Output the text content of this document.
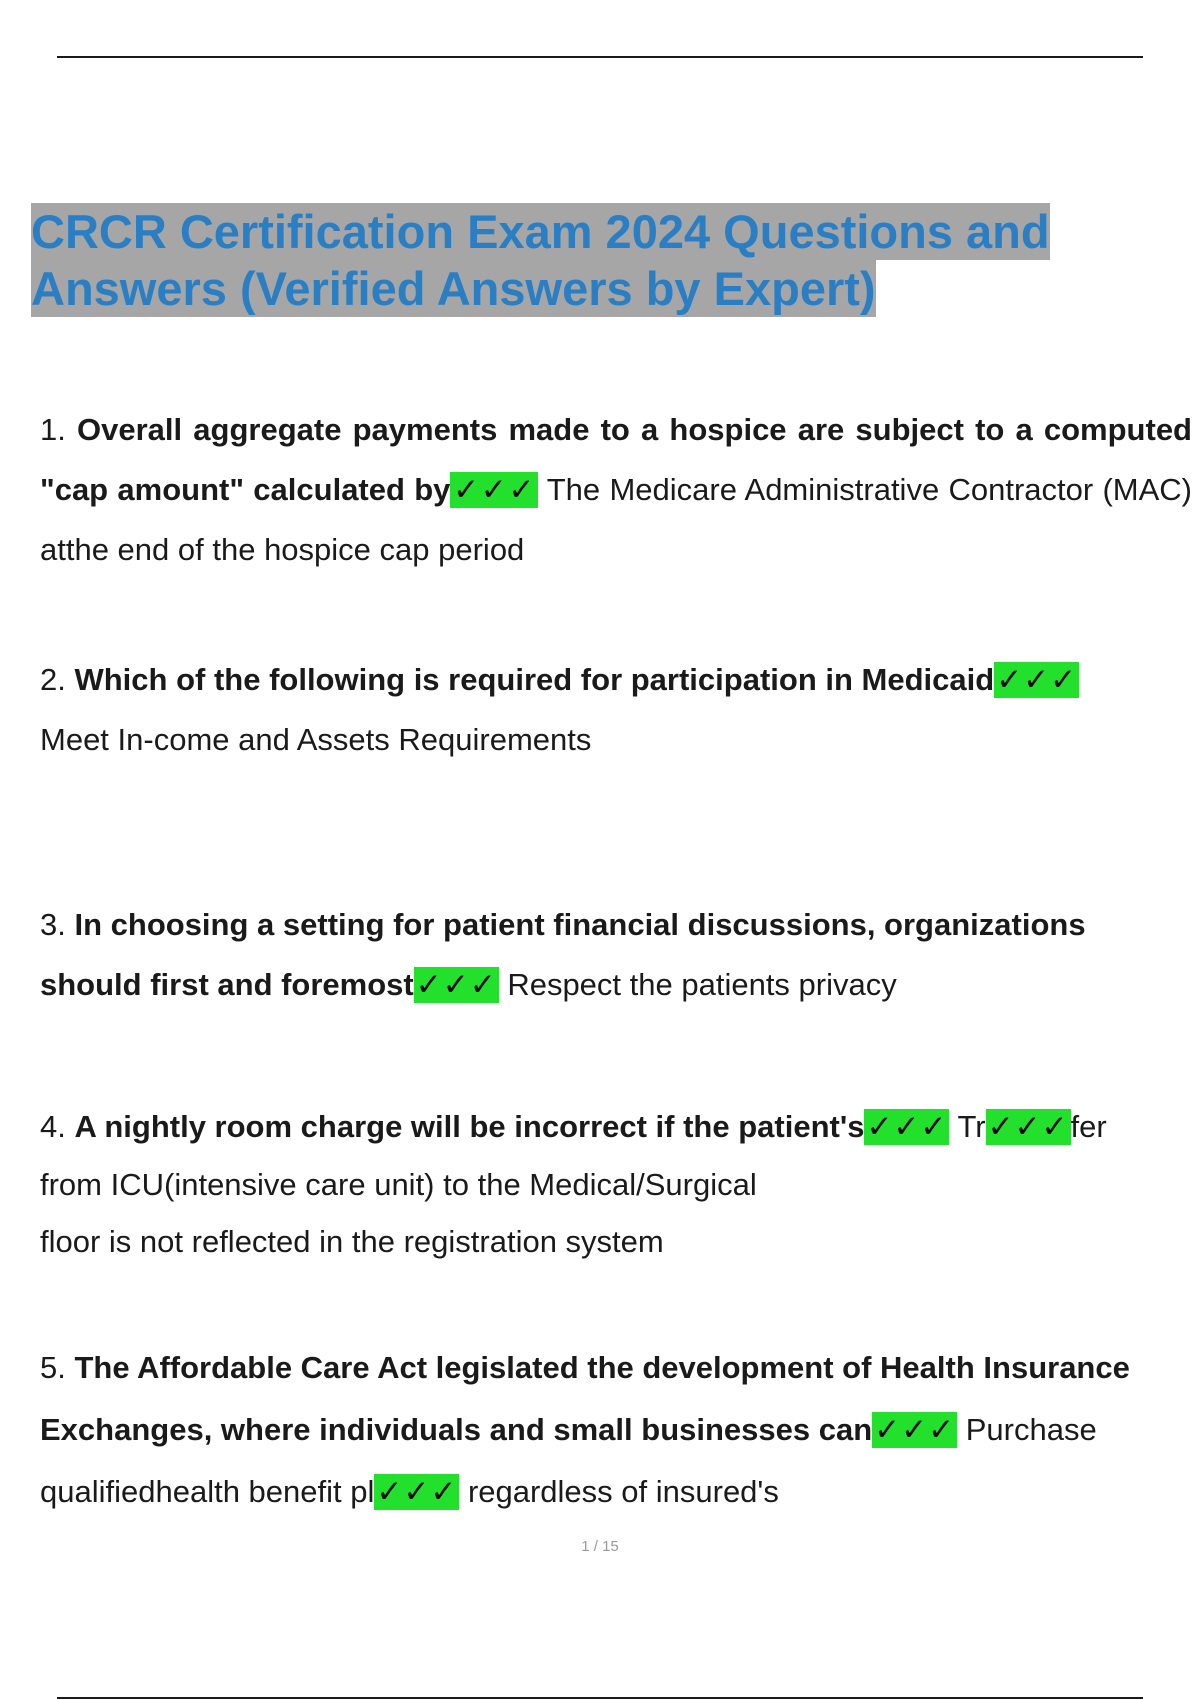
CRCR Certification Exam 2024 Questions and
Answers (Verified Answers by Expert)
1. Overall aggregate payments made to a hospice are subject to a computed "cap amount" calculated by✓✓✓ The Medicare Administrative Contractor (MAC) atthe end of the hospice cap period
2. Which of the following is required for participation in Medicaid✓✓✓
Meet In-come and Assets Requirements
3. In choosing a setting for patient financial discussions, organizations should first and foremost✓✓✓ Respect the patients privacy
4. A nightly room charge will be incorrect if the patient's✓✓✓ Tr✓✓✓fer
from ICU(intensive care unit) to the Medical/Surgical
floor is not reflected in the registration system
5. The Affordable Care Act legislated the development of Health Insurance Exchanges, where individuals and small businesses can✓✓✓ Purchase qualifiedhealth benefit pl✓✓✓ regardless of insured's
1 / 15
